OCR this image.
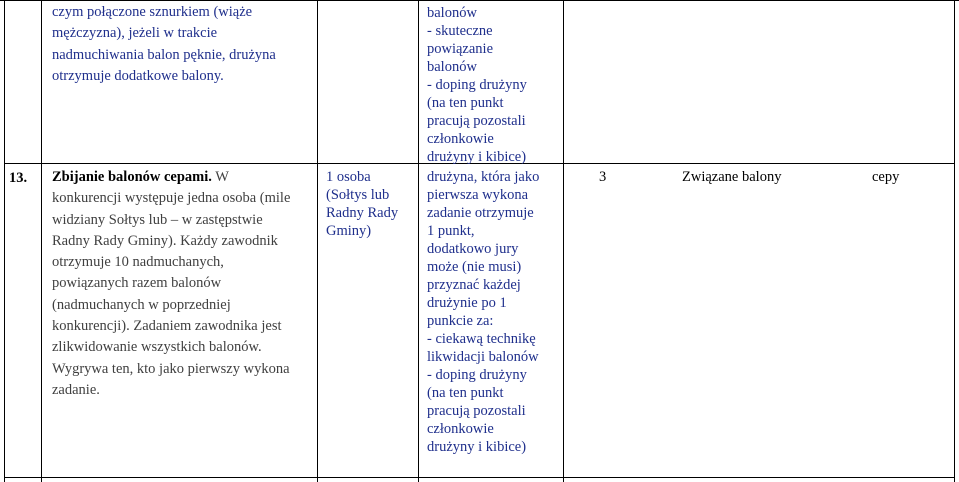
czym połączone sznurkiem (wiąże
mężczyzna), jeżeli w trakcie
nadmuchiwania balon pęknie, drużyna
otrzymuje dodatkowe balony.
balonów
- skuteczne
powiązanie
balonów
- doping drużyny
(na ten punkt
pracują pozostali
członkowie
drużyny i kibice)
13. Zbijanie balonów cepami. W
konkurencji występuje jedna osoba (mile
widziany Sołtys lub – w zastępstwie
Radny Rady Gminy). Każdy zawodnik
otrzymuje 10 nadmuchanych,
powiązanych razem balonów
(nadmuchanych w poprzedniej
konkurencji). Zadaniem zawodnika jest
zlikwidowanie wszystkich balonów.
Wygrywa ten, kto jako pierwszy wykona
zadanie.
1 osoba
(Sołtys lub
Radny Rady
Gminy)
drużyna, która jako
pierwsza wykona
zadanie otrzymuje
1 punkt,
dodatkowo jury
może (nie musi)
przyznać każdej
drużynie po 1
punkcie za:
- ciekawą technikę
likwidacji balonów
- doping drużyny
(na ten punkt
pracują pozostali
członkowie
drużyny i kibice)
3	Związane balony	cepy
